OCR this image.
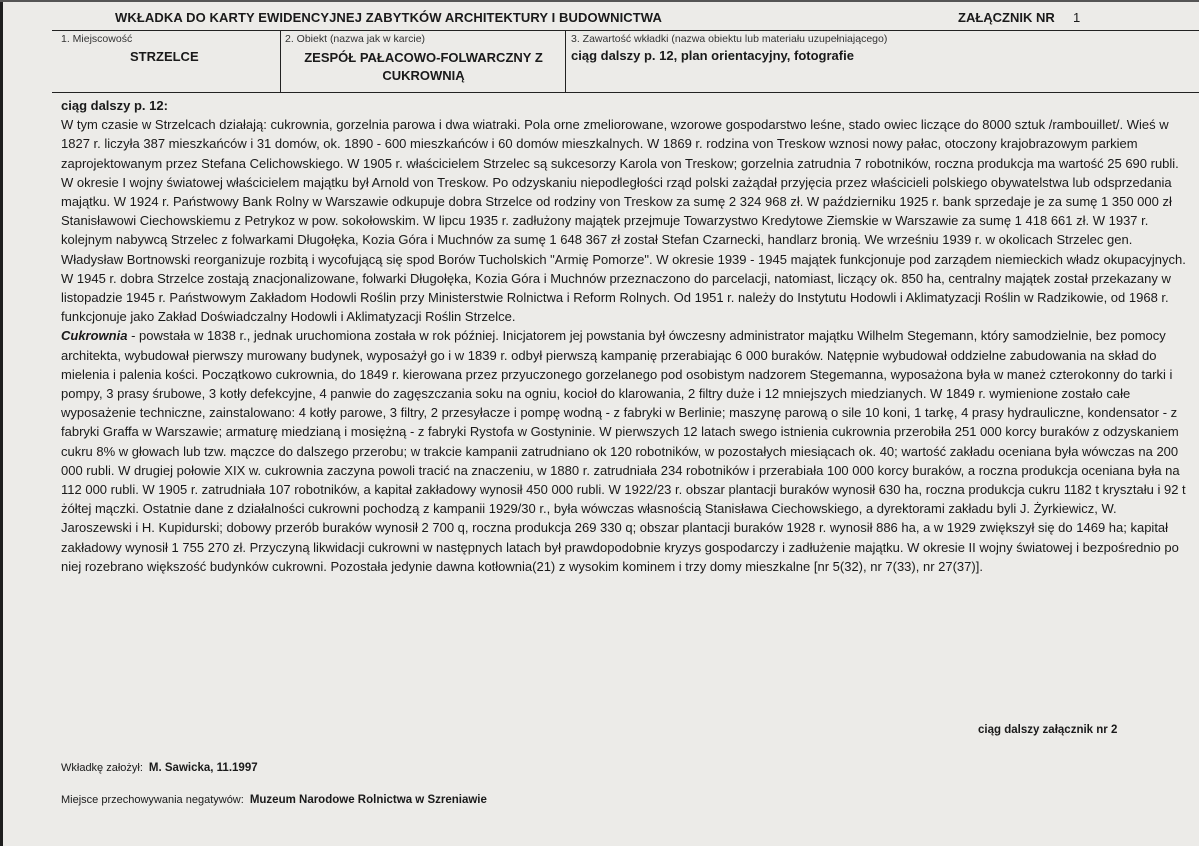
WKŁADKA DO KARTY EWIDENCYJNEJ ZABYTKÓW ARCHITEKTURY I BUDOWNICTWA	ZAŁĄCZNIK NR 1
1. Miejscowość
STRZELCE
2. Obiekt (nazwa jak w karcie)
ZESPÓŁ PAŁACOWO-FOLWARCZNY Z CUKROWNIĄ
3. Zawartość wkładki (nazwa obiektu lub materiału uzupełniającego)
ciąg dalszy p. 12, plan orientacyjny, fotografie

ciąg dalszy p. 12:

W tym czasie w Strzelcach działają: cukrownia, gorzelnia parowa i dwa wiatraki. Pola orne zmeliorowane, wzorowe gospodarstwo leśne, stado owiec liczące do 8000 sztuk /rambouillet/. Wieś w 1827 r. liczyła 387 mieszkańców i 31 domów, ok. 1890 - 600 mieszkańców i 60 domów mieszkalnych. W 1869 r. rodzina von Treskow wznosi nowy pałac, otoczony krajobrazowym parkiem zaprojektowanym przez Stefana Celichowskiego. W 1905 r. właścicielem Strzelec są sukcesorzy Karola von Treskow; gorzelnia zatrudnia 7 robotników, roczna produkcja ma wartość 25 690 rubli. W okresie I wojny światowej właścicielem majątku był Arnold von Treskow. Po odzyskaniu niepodległości rząd polski zażądał przyjęcia przez właścicieli polskiego obywatelstwa lub odsprzedania majątku. W 1924 r. Państwowy Bank Rolny w Warszawie odkupuje dobra Strzelce od rodziny von Treskow za sumę 2 324 968 zł. W październiku 1925 r. bank sprzedaje je za sumę 1 350 000 zł Stanisławowi Ciechowskiemu z Petrykoz w pow. sokołowskim. W lipcu 1935 r. zadłużony majątek przejmuje Towarzystwo Kredytowe Ziemskie w Warszawie za sumę 1 418 661 zł. W 1937 r. kolejnym nabywcą Strzelec z folwarkami Długołęka, Kozia Góra i Muchnów za sumę 1 648 367 zł został Stefan Czarnecki, handlarz bronią. We wrześniu 1939 r. w okolicach Strzelec gen. Władysław Bortnowski reorganizuje rozbitą i wycofującą się spod Borów Tucholskich "Armię Pomorze". W okresie 1939 - 1945 majątek funkcjonuje pod zarządem niemieckich władz okupacyjnych. W 1945 r. dobra Strzelce zostają znacjonalizowane, folwarki Długołęka, Kozia Góra i Muchnów przeznaczono do parcelacji, natomiast, liczący ok. 850 ha, centralny majątek został przekazany w listopadzie 1945 r. Państwowym Zakładom Hodowli Roślin przy Ministerstwie Rolnictwa i Reform Rolnych. Od 1951 r. należy do Instytutu Hodowli i Aklimatyzacji Roślin w Radzikowie, od 1968 r. funkcjonuje jako Zakład Doświadczalny Hodowli i Aklimatyzacji Roślin Strzelce.

Cukrownia - powstała w 1838 r., jednak uruchomiona została w rok później. Inicjatorem jej powstania był ówczesny administrator majątku Wilhelm Stegemann, który samodzielnie, bez pomocy architekta, wybudował pierwszy murowany budynek, wyposażył go i w 1839 r. odbył pierwszą kampanię przerabiając 6 000 buraków. Natępnie wybudował oddzielne zabudowania na skład do mielenia i palenia kości. Początkowo cukrownia, do 1849 r. kierowana przez przyuczonego gorzelanego pod osobistym nadzorem Stegemanna, wyposażona była w maneż czterokonny do tarki i pompy, 3 prasy śrubowe, 3 kotły defekcyjne, 4 panwie do zagęszczania soku na ogniu, kocioł do klarowania, 2 filtry duże i 12 mniejszych miedzianych. W 1849 r. wymienione zostało całe wyposażenie techniczne, zainstalowano: 4 kotły parowe, 3 filtry, 2 przesyłacze i pompę wodną - z fabryki w Berlinie; maszynę parową o sile 10 koni, 1 tarkę, 4 prasy hydrauliczne, kondensator - z fabryki Graffa w Warszawie; armaturę miedzianą i mosiężną - z fabryki Rystofa w Gostyninie. W pierwszych 12 latach swego istnienia cukrownia przerobiła 251 000 korcy buraków z odzyskaniem cukru 8% w głowach lub tzw. mączce do dalszego przerobu; w trakcie kampanii zatrudniano ok 120 robotników, w pozostałych miesiącach ok. 40; wartość zakładu oceniana była wówczas na 200 000 rubli. W drugiej połowie XIX w. cukrownia zaczyna powoli tracić na znaczeniu, w 1880 r. zatrudniała 234 robotników i przerabiała 100 000 korcy buraków, a roczna produkcja oceniana była na 112 000 rubli. W 1905 r. zatrudniała 107 robotników, a kapitał zakładowy wynosił 450 000 rubli. W 1922/23 r. obszar plantacji buraków wynosił 630 ha, roczna produkcja cukru 1182 t kryształu i 92 t żółtej mączki. Ostatnie dane z działalności cukrowni pochodzą z kampanii 1929/30 r., była wówczas własnością Stanisława Ciechowskiego, a dyrektorami zakładu byli J. Żyrkiewicz, W. Jaroszewski i H. Kupidurski; dobowy przerób buraków wynosił 2 700 q, roczna produkcja 269 330 q; obszar plantacji buraków 1928 r. wynosił 886 ha, a w 1929 zwiększył się do 1469 ha; kapitał zakładowy wynosił 1 755 270 zł. Przyczyną likwidacji cukrowni w następnych latach był prawdopodobnie kryzys gospodarczy i zadłużenie majątku. W okresie II wojny światowej i bezpośrednio po niej rozebrano większość budynków cukrowni. Pozostała jedynie dawna kotłownia(21) z wysokim kominem i trzy domy mieszkalne [nr 5(32), nr 7(33), nr 27(37)].

ciąg dalszy załącznik nr 2
Wkładkę założył: M. Sawicka, 11.1997
Miejsce przechowywania negatywów: Muzeum Narodowe Rolnictwa w Szreniawie
